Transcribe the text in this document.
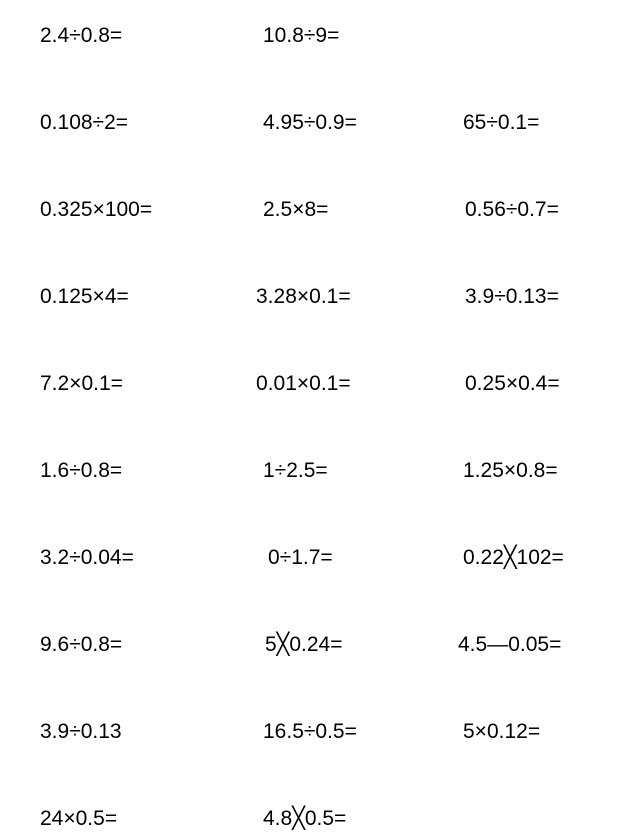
2.4÷0.8=	10.8÷9=
0.108÷2=	4.95÷0.9=	65÷0.1=
0.325×100=	2.5×8=	0.56÷0.7=
0.125×4=	3.28×0.1=	3.9÷0.13=
7.2×0.1=	0.01×0.1=	0.25×0.4=
1.6÷0.8=	1÷2.5=	1.25×0.8=
3.2÷0.04=	0÷1.7=	0.22╳102=
9.6÷0.8=	5╳0.24=	4.5—0.05=
3.9÷0.13	16.5÷0.5=	5×0.12=
24×0.5=	4.8╳0.5=
